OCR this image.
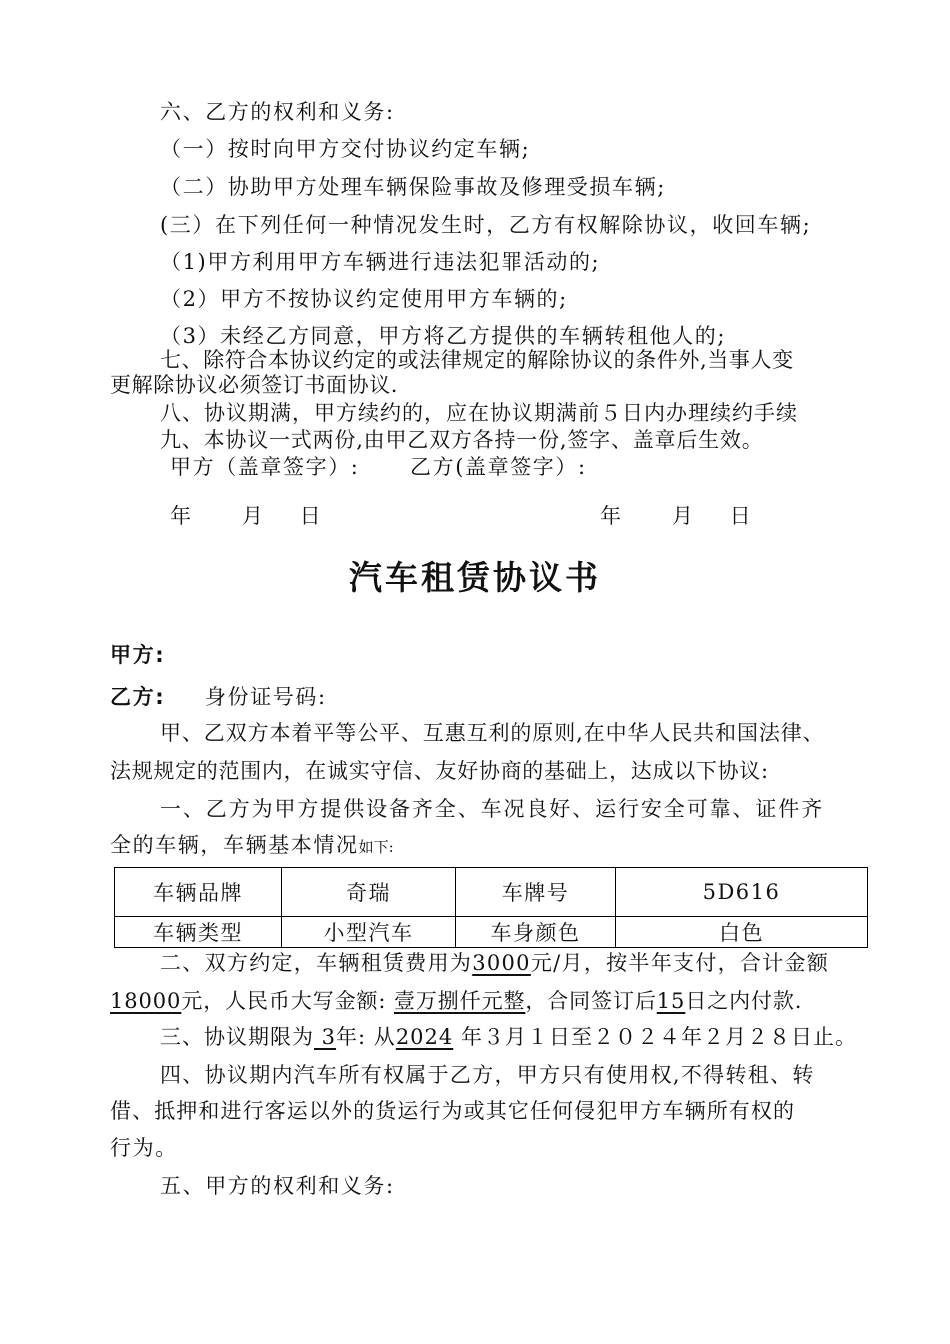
六、乙方的权利和义务:
（一）按时向甲方交付协议约定车辆;
（二）协助甲方处理车辆保险事故及修理受损车辆;
(三）在下列任何一种情况发生时，乙方有权解除协议，收回车辆;
（1)甲方利用甲方车辆进行违法犯罪活动的;
（2）甲方不按协议约定使用甲方车辆的;
（3）未经乙方同意，甲方将乙方提供的车辆转租他人的;
七、除符合本协议约定的或法律规定的解除协议的条件外,当事人变
更解除协议必须签订书面协议.
八、协议期满，甲方续约的，应在协议期满前５日内办理续约手续
九、本协议一式两份,由甲乙双方各持一份,签字、盖章后生效。
甲方（盖章签字）: 乙方(盖章签字）:
年　　月　 日	年　　月　 日
汽车租赁协议书
甲方:
乙方: 身份证号码:
甲、乙双方本着平等公平、互惠互利的原则,在中华人民共和国法律、
法规规定的范围内，在诚实守信、友好协商的基础上，达成以下协议:
一、乙方为甲方提供设备齐全、车况良好、运行安全可靠、证件齐
全的车辆，车辆基本情况如下:
车辆品牌	奇瑞	车牌号	5D616
车辆类型	小型汽车	车身颜色	白色
二、双方约定，车辆租赁费用为3000元/月，按半年支付，合计金额
18000元，人民币大写金额: 壹万捌仟元整，合同签订后15日之内付款.
三、协议期限为 3年: 从2024 年３月１日至２０２４年２月２８日止。
四、协议期内汽车所有权属于乙方，甲方只有使用权,不得转租、转
借、抵押和进行客运以外的货运行为或其它任何侵犯甲方车辆所有权的
行为。
五、甲方的权利和义务:
